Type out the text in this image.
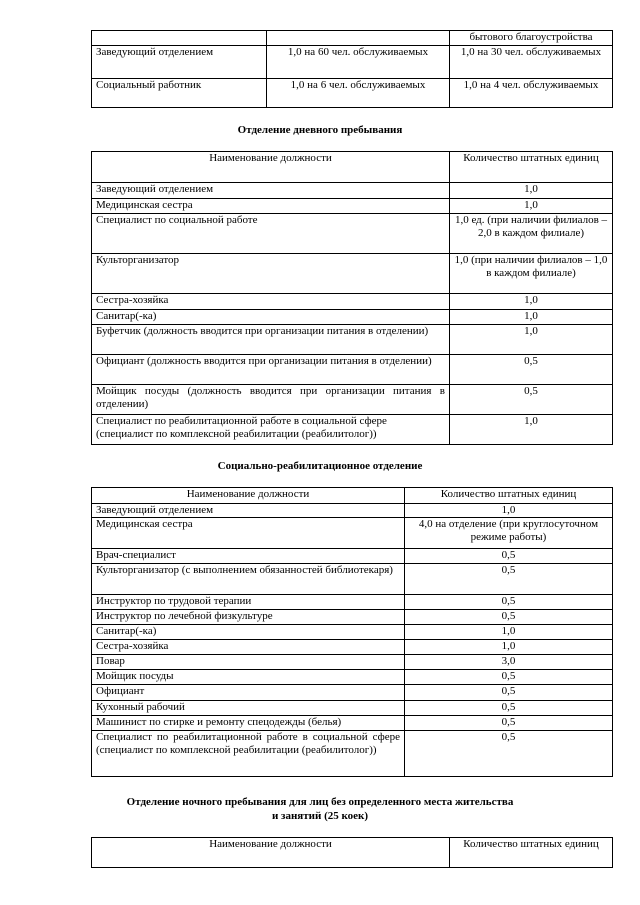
		бытового благоустройства
Заведующий отделением	1,0 на 60 чел. обслуживаемых	1,0 на 30 чел. обслуживаемых
Социальный работник	1,0 на 6 чел. обслуживаемых	1,0 на 4 чел. обслуживаемых
Отделение дневного пребывания
Наименование должности	Количество штатных единиц
Заведующий отделением	1,0
Медицинская сестра	1,0
Специалист по социальной работе	1,0 ед. (при наличии филиалов – 2,0 в каждом филиале)
Культорганизатор	1,0 (при наличии филиалов – 1,0 в каждом филиале)
Сестра-хозяйка	1,0
Санитар(-ка)	1,0
Буфетчик (должность вводится при организации питания в отделении)	1,0
Официант (должность вводится при организации питания в отделении)	0,5
Мойщик посуды (должность вводится при организации питания в отделении)	0,5
Специалист по реабилитационной работе в социальной сфере (специалист по комплексной реабилитации (реабилитолог))	1,0
Социально-реабилитационное отделение
Наименование должности	Количество штатных единиц
Заведующий отделением	1,0
Медицинская сестра	4,0 на отделение (при круглосуточном режиме работы)
Врач-специалист	0,5
Культорганизатор (с выполнением обязанностей библиотекаря)	0,5
Инструктор по трудовой терапии	0,5
Инструктор по лечебной физкультуре	0,5
Санитар(-ка)	1,0
Сестра-хозяйка	1,0
Повар	3,0
Мойщик посуды	0,5
Официант	0,5
Кухонный рабочий	0,5
Машинист по стирке и ремонту спецодежды (белья)	0,5
Специалист по реабилитационной работе в социальной сфере (специалист по комплексной реабилитации (реабилитолог))	0,5
Отделение ночного пребывания для лиц без определенного места жительства
и занятий (25 коек)
Наименование должности	Количество штатных единиц
